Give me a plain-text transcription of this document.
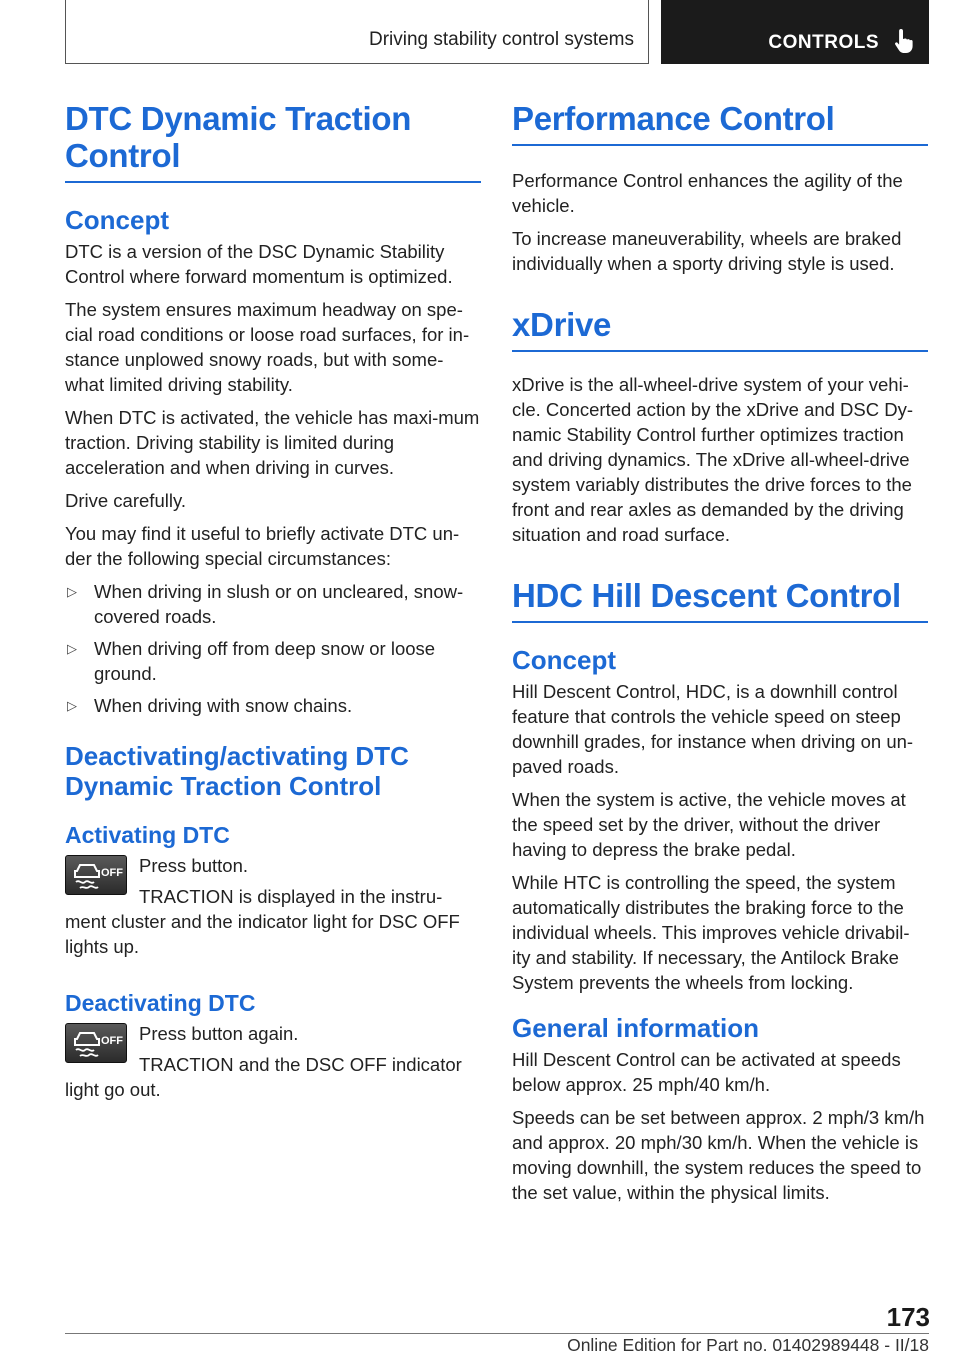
Driving stability control systems	CONTROLS
DTC Dynamic Traction Control
Concept

DTC is a version of the DSC Dynamic Stability Control where forward momentum is optimized.

The system ensures maximum headway on spe‐cial road conditions or loose road surfaces, for in‐stance unplowed snowy roads, but with some‐what limited driving stability.

When DTC is activated, the vehicle has maxi‐mum traction. Driving stability is limited during acceleration and when driving in curves.

Drive carefully.

You may find it useful to briefly activate DTC un‐der the following special circumstances:

▷ When driving in slush or on uncleared, snow-covered roads.
▷ When driving off from deep snow or loose ground.
▷ When driving with snow chains.
Deactivating/activating DTC Dynamic Traction Control
Activating DTC
OFF Press button.

TRACTION is displayed in the instru‐ment cluster and the indicator light for DSC OFF lights up.

Deactivating DTC
OFF Press button again.

TRACTION and the DSC OFF indicator light go out.

Performance Control

Performance Control enhances the agility of the vehicle.

To increase maneuverability, wheels are braked individually when a sporty driving style is used.

xDrive

xDrive is the all-wheel-drive system of your vehi‐cle. Concerted action by the xDrive and DSC Dy‐namic Stability Control further optimizes traction and driving dynamics. The xDrive all-wheel-drive system variably distributes the drive forces to the front and rear axles as demanded by the driving situation and road surface.

HDC Hill Descent Control
Concept

Hill Descent Control, HDC, is a downhill control feature that controls the vehicle speed on steep downhill grades, for instance when driving on un‐paved roads.

When the system is active, the vehicle moves at the speed set by the driver, without the driver having to depress the brake pedal.

While HTC is controlling the speed, the system automatically distributes the braking force to the individual wheels. This improves vehicle drivabil‐ity and stability. If necessary, the Antilock Brake System prevents the wheels from locking.

General information

Hill Descent Control can be activated at speeds below approx. 25 mph/40 km/h.

Speeds can be set between approx. 2 mph/3 km/h and approx. 20 mph/30 km/h. When the vehicle is moving downhill, the system reduces the speed to the set value, within the physical limits.

173
Online Edition for Part no. 01402989448 - II/18
